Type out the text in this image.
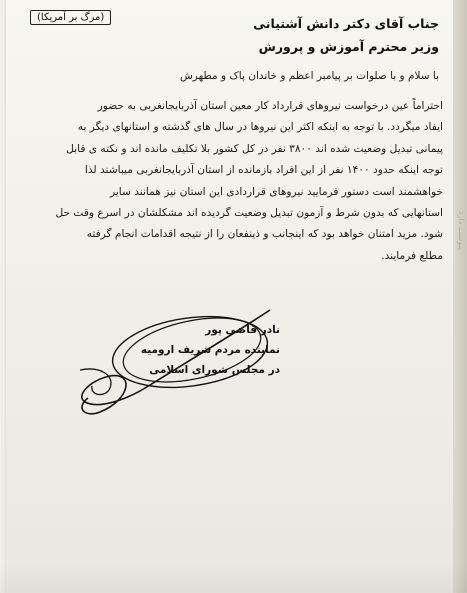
پیوست دارد
(مرگ بر آمریکا)	جناب آقای دکتر دانش آشتیانی
وزیر محترم آموزش و پرورش
با سلام و با صلوات بر پیامبر اعظم و خاندان پاک و مطهرش
احتراماً عین درخواست نیروهای قرارداد کار معین استان آذربایجانغربی به حضور
ایفاد میگردد. با توجه به اینکه اکثر این نیروها در سال های گذشته و استانهای دیگر به
پیمانی تبدیل وضعیت شده اند ۳۸۰۰ نفر در کل کشور بلا تکلیف مانده اند و نکته ی قابل
توجه اینکه حدود ۱۴۰۰ نفر از این افراد بازمانده از استان آذربایجانغربی میباشند لذا
خواهشمند است دستور فرمایید نیروهای قراردادی این استان نیز همانند سایر
استانهایی که بدون شرط و آزمون تبدیل وضعیت گردیده اند مشکلشان در اسرع وقت حل
شود. مزید امتنان خواهد بود که اینجانب و ذینفعان را از نتیجه اقدامات انجام گرفته
مطلع فرمایند.
نادر قاضی پور
نماینده مردم شریف ارومیه
در مجلس شورای اسلامی
